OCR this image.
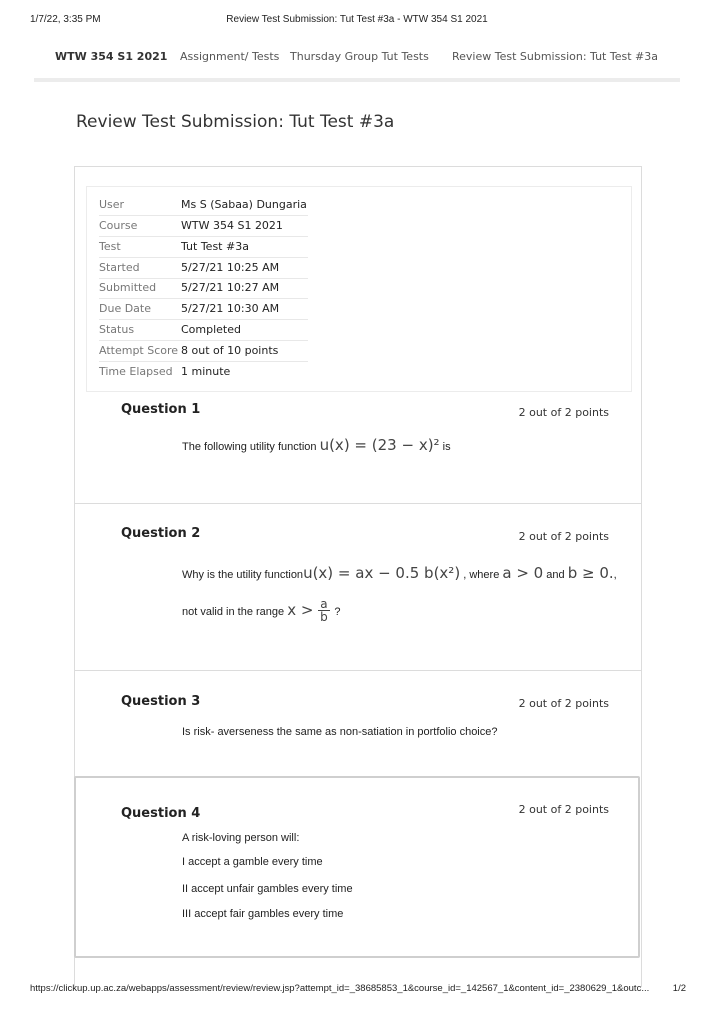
1/7/22, 3:35 PM	Review Test Submission: Tut Test #3a - WTW 354 S1 2021
WTW 354 S1 2021 Assignment/ Tests Thursday Group Tut Tests Review Test Submission: Tut Test #3a
Review Test Submission: Tut Test #3a
User	Ms S (Sabaa) Dungaria
Course	WTW 354 S1 2021
Test	Tut Test #3a
Started	5/27/21 10:25 AM
Submitted 5/27/21 10:27 AM
Due Date	5/27/21 10:30 AM
Status	Completed
Attempt Score 8 out of 10 points
Time Elapsed 1 minute
Question 1	2 out of 2 points
The following utility function u(x) = (23 − x)² is
Question 2	2 out of 2 points
Why is the utility functionu(x) = ax − 0.5 b(x²) , where a > 0 and b ≥ 0.,
not valid in the range $x > \frac{a}{b}$ ?
Question 3	2 out of 2 points
Is risk- averseness the same as non-satiation in portfolio choice?
Question 4	2 out of 2 points
A risk-loving person will:
I accept a gamble every time
II accept unfair gambles every time
III accept fair gambles every time
https://clickup.up.ac.za/webapps/assessment/review/review.jsp?attempt_id=_38685853_1&course_id=_142567_1&content_id=_2380629_1&outc... 1/2
